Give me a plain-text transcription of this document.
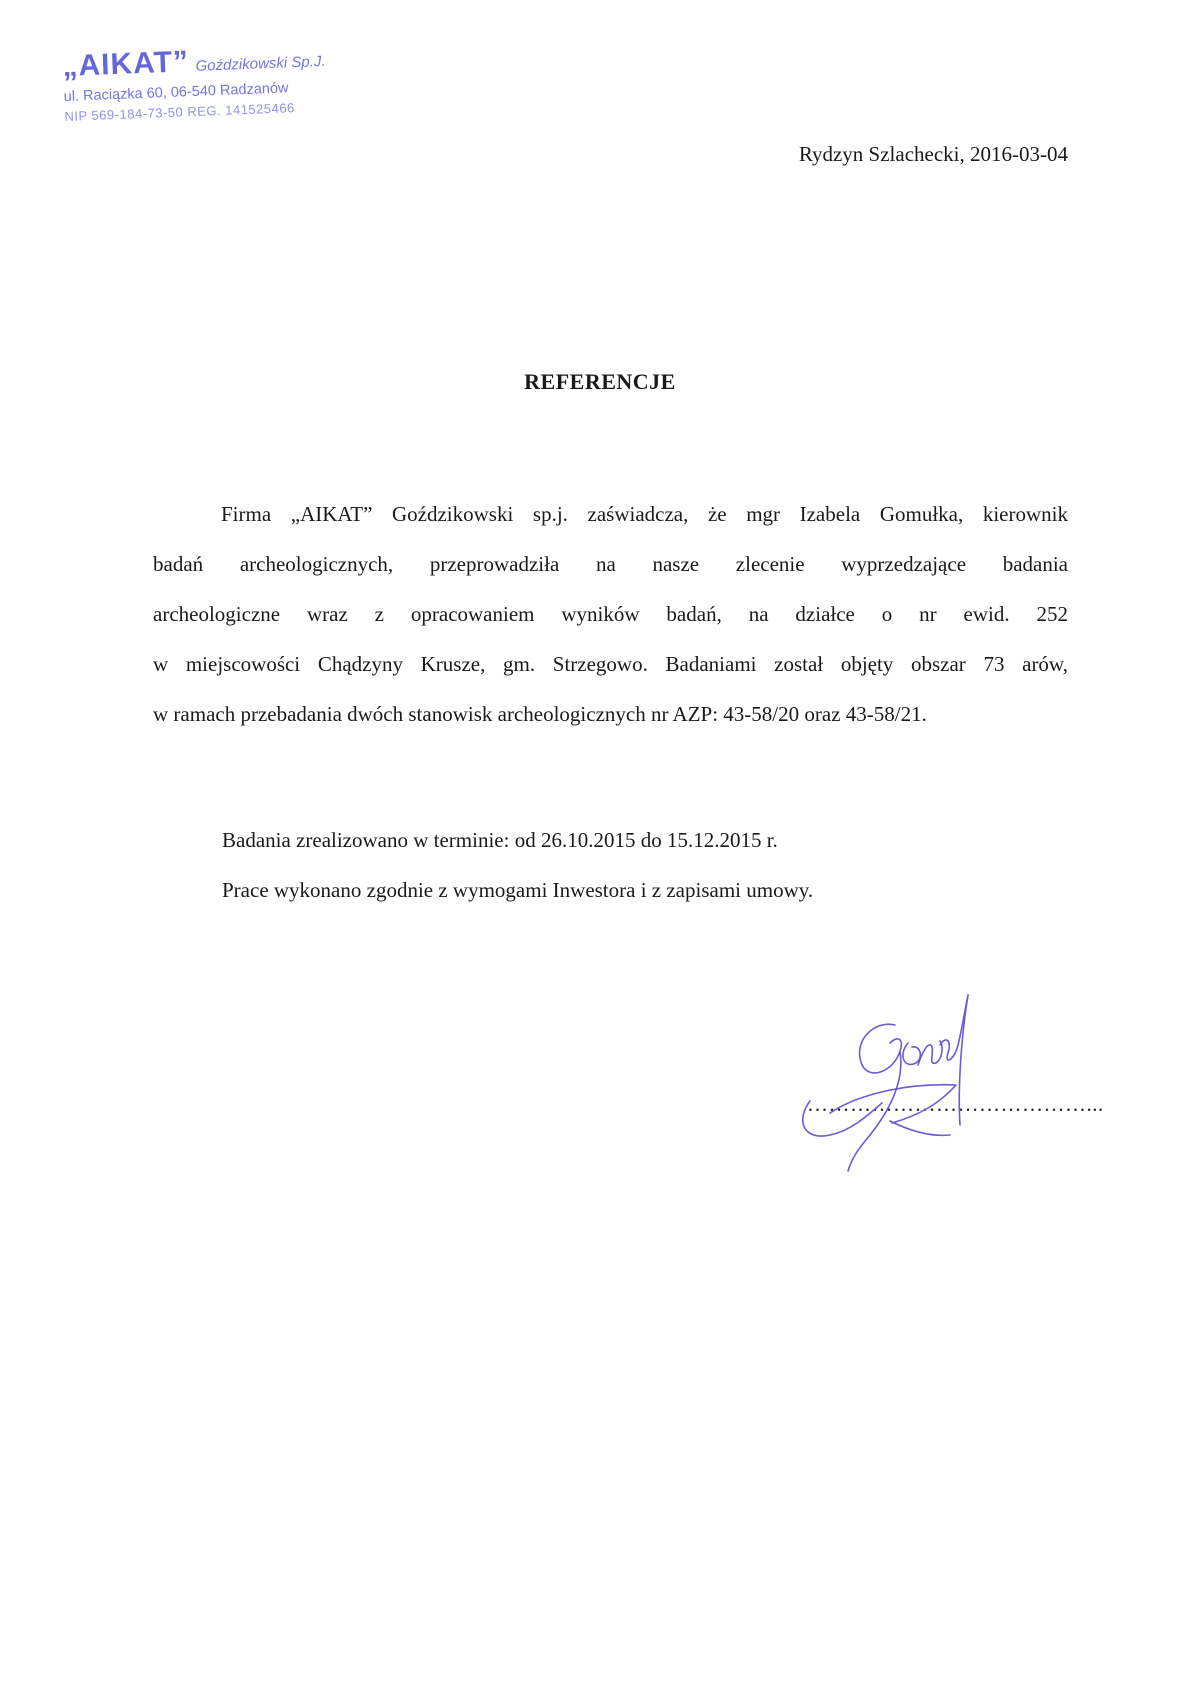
„AIKAT” Goździkowski Sp.J.
ul. Raciązka 60, 06-540 Radzanów
NIP 569-184-73-50 REG. 141525466
Rydzyn Szlachecki, 2016-03-04
REFERENCJE
Firma „AIKAT” Goździkowski sp.j. zaświadcza, że mgr Izabela Gomułka, kierownik
badań archeologicznych, przeprowadziła na nasze zlecenie wyprzedzające badania
archeologiczne wraz z opracowaniem wyników badań, na działce o nr ewid. 252
w miejscowości Chądzyny Krusze, gm. Strzegowo. Badaniami został objęty obszar 73 arów,
w ramach przebadania dwóch stanowisk archeologicznych nr AZP: 43-58/20 oraz 43-58/21.
Badania zrealizowano w terminie: od 26.10.2015 do 15.12.2015 r.
Prace wykonano zgodnie z wymogami Inwestora i z zapisami umowy.
…………………………………...
